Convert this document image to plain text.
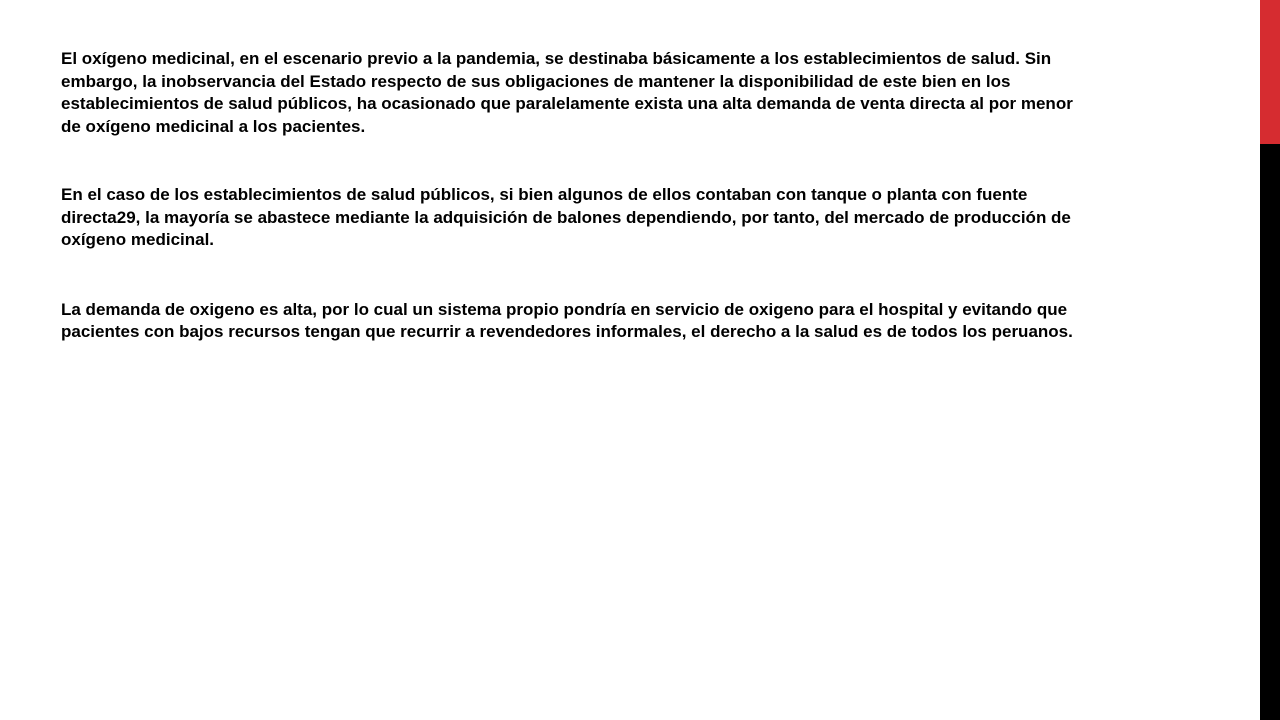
El oxígeno medicinal, en el escenario previo a la pandemia, se destinaba básicamente a los establecimientos de salud. Sin embargo, la inobservancia del Estado respecto de sus obligaciones de mantener la disponibilidad de este bien en los establecimientos de salud públicos, ha ocasionado que paralelamente exista una alta demanda de venta directa al por menor de oxígeno medicinal a los pacientes.

En el caso de los establecimientos de salud públicos, si bien algunos de ellos contaban con tanque o planta con fuente directa29, la mayoría se abastece mediante la adquisición de balones dependiendo, por tanto, del mercado de producción de oxígeno medicinal.

La demanda de oxigeno es alta, por lo cual un sistema propio pondría en servicio de oxigeno para el hospital y evitando que pacientes con bajos recursos tengan que recurrir a revendedores informales, el derecho a la salud es de todos los peruanos.
